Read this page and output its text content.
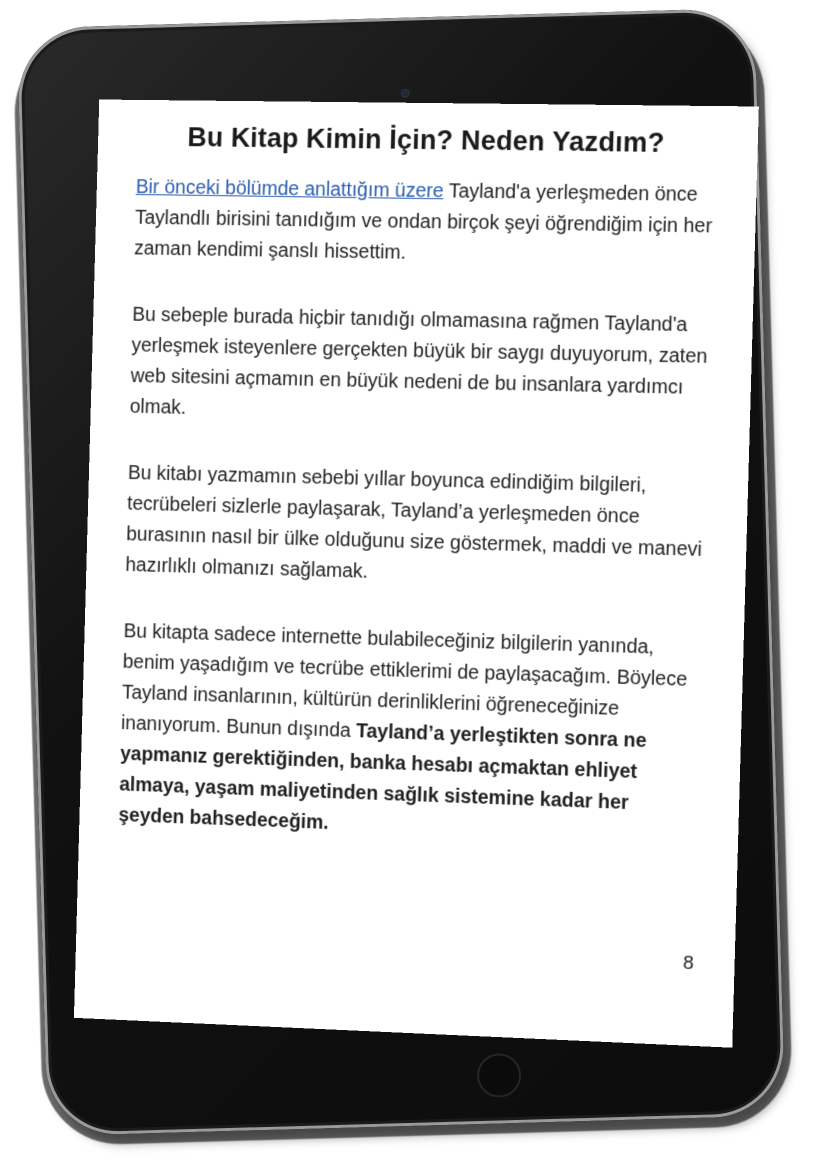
Bu Kitap Kimin İçin? Neden Yazdım?

Bir önceki bölümde anlattığım üzere Tayland'a yerleşmeden önce Taylandlı birisini tanıdığım ve ondan birçok şeyi öğrendiğim için her zaman kendimi şanslı hissettim.

Bu sebeple burada hiçbir tanıdığı olmamasına rağmen Tayland'a yerleşmek isteyenlere gerçekten büyük bir saygı duyuyorum, zaten web sitesini açmamın en büyük nedeni de bu insanlara yardımcı olmak.

Bu kitabı yazmamın sebebi yıllar boyunca edindiğim bilgileri, tecrübeleri sizlerle paylaşarak, Tayland’a yerleşmeden önce burasının nasıl bir ülke olduğunu size göstermek, maddi ve manevi hazırlıklı olmanızı sağlamak.

Bu kitapta sadece internette bulabileceğiniz bilgilerin yanında, benim yaşadığım ve tecrübe ettiklerimi de paylaşacağım. Böylece Tayland insanlarının, kültürün derinliklerini öğreneceğinize inanıyorum. Bunun dışında Tayland’a yerleştikten sonra ne yapmanız gerektiğinden, banka hesabı açmaktan ehliyet almaya, yaşam maliyetinden sağlık sistemine kadar her şeyden bahsedeceğim.

8
